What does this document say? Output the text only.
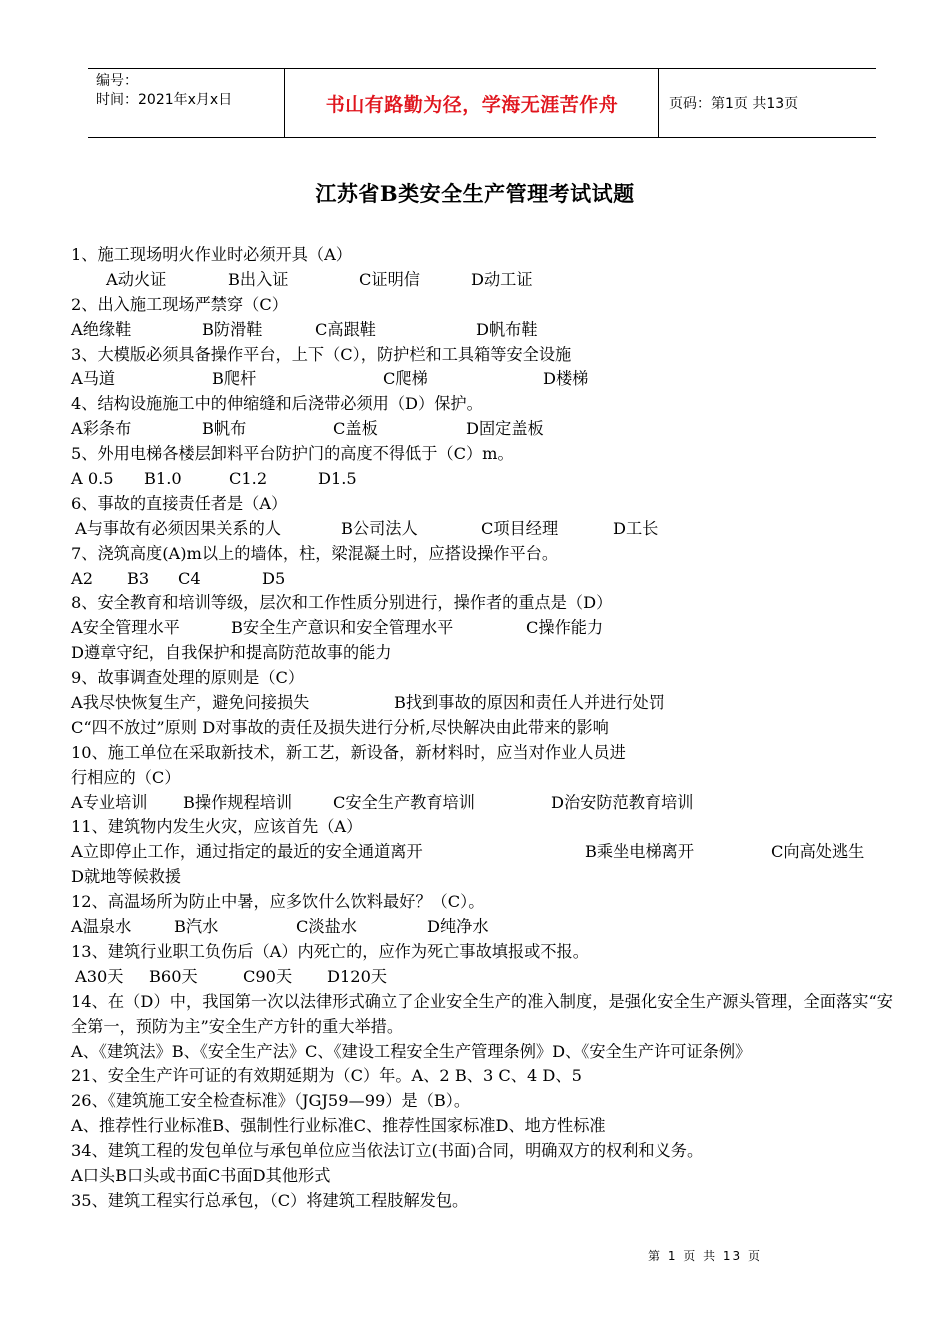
编号：
时间：2021年x月x日	书山有路勤为径，学海无涯苦作舟	页码：第1页 共13页
江苏省B类安全生产管理考试试题
1、施工现场明火作业时必须开具（A）
A动火证	B出入证	C证明信	D动工证
2、出入施工现场严禁穿（C）
A绝缘鞋	B防滑鞋	C高跟鞋	D帆布鞋
3、大模版必须具备操作平台，上下（C），防护栏和工具箱等安全设施
A马道	B爬杆	C爬梯	D楼梯
4、结构设施施工中的伸缩缝和后浇带必须用（D）保护。
A彩条布	B帆布	C盖板	D固定盖板
5、外用电梯各楼层卸料平台防护门的高度不得低于（C）m。
A 0.5	B1.0	C1.2	D1.5
6、事故的直接责任者是（A）
A与事故有必须因果关系的人	B公司法人	C项目经理	D工长
7、浇筑高度(A)m以上的墙体，柱，梁混凝土时，应搭设操作平台。
A2	B3	C4	D5
8、安全教育和培训等级，层次和工作性质分别进行，操作者的重点是（D）
A安全管理水平	B安全生产意识和安全管理水平	C操作能力
D遵章守纪，自我保护和提高防范故事的能力
9、故事调查处理的原则是（C）
A我尽快恢复生产，避免问接损失	B找到事故的原因和责任人并进行处罚
C“四不放过”原则 D对事故的责任及损失进行分析,尽快解决由此带来的影响
10、施工单位在采取新技术，新工艺，新设备，新材料时，应当对作业人员进
行相应的（C）
A专业培训	B操作规程培训	C安全生产教育培训	D治安防范教育培训
11、建筑物内发生火灾，应该首先（A）
A立即停止工作，通过指定的最近的安全通道离开	B乘坐电梯离开	C向高处逃生
D就地等候救援
12、高温场所为防止中暑，应多饮什么饮料最好？（C）。
A温泉水	B汽水	C淡盐水	D纯净水
13、建筑行业职工负伤后（A）内死亡的，应作为死亡事故填报或不报。
A30天	B60天	C90天	D120天
14、在（D）中，我国第一次以法律形式确立了企业安全生产的准入制度，是强化安全生产源头管理，全面落实“安全第一，预防为主”安全生产方针的重大举措。
A、《建筑法》B、《安全生产法》C、《建设工程安全生产管理条例》D、《安全生产许可证条例》
21、安全生产许可证的有效期延期为（C）年。A、2 B、3 C、4 D、5
26、《建筑施工安全检查标准》（JGJ59—99）是（B）。
A、推荐性行业标准B、强制性行业标准C、推荐性国家标准D、地方性标准
34、建筑工程的发包单位与承包单位应当依法订立(书面)合同，明确双方的权利和义务。
A口头B口头或书面C书面D其他形式
35、建筑工程实行总承包，（C）将建筑工程肢解发包。
第 1 页 共 13 页
